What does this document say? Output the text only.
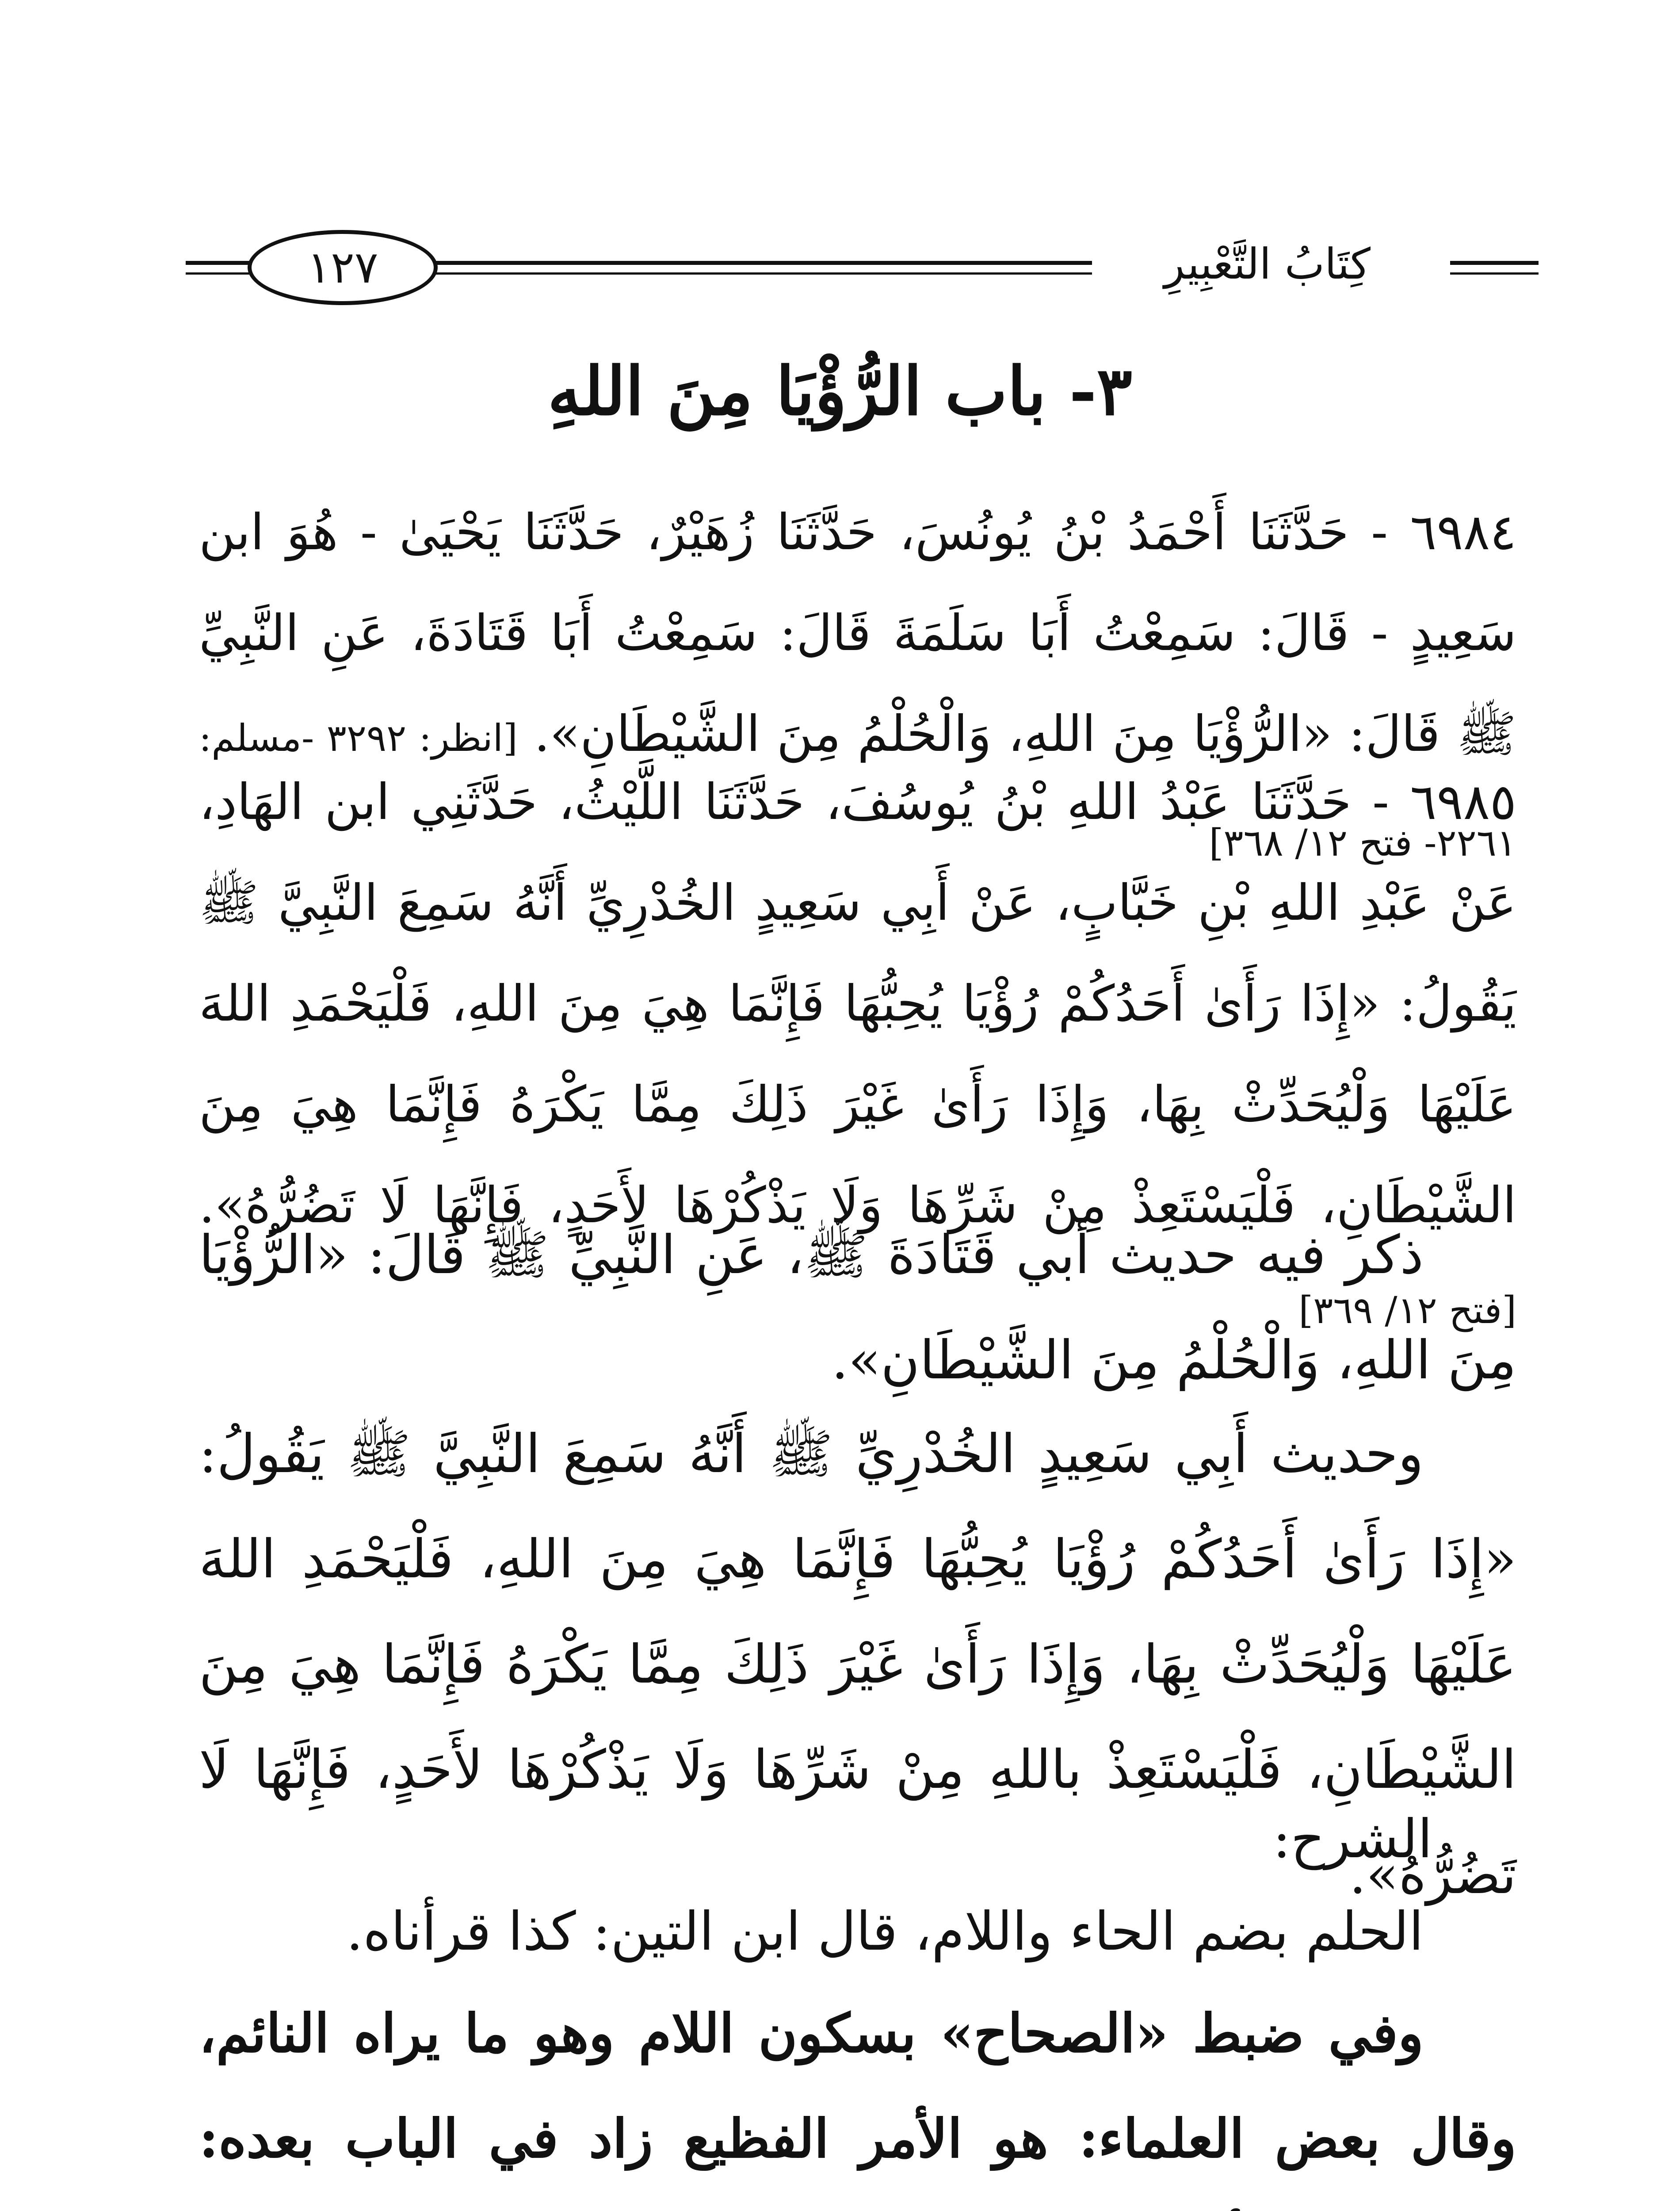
كِتَابُ التَّعْبِيرِ
١٢٧
٣- باب الرُّؤْيَا مِنَ اللهِ
٦٩٨٤ - حَدَّثَنَا أَحْمَدُ بْنُ يُونُسَ، حَدَّثَنَا زُهَيْرٌ، حَدَّثَنَا يَحْيَىٰ - هُوَ ابن سَعِيدٍ - قَالَ: سَمِعْتُ أَبَا سَلَمَةَ قَالَ: سَمِعْتُ أَبَا قَتَادَةَ، عَنِ النَّبِيِّ ﷺ قَالَ: «الرُّؤْيَا مِنَ اللهِ، وَالْحُلْمُ مِنَ الشَّيْطَانِ». [انظر: ٣٢٩٢ -مسلم: ٢٢٦١- فتح ١٢/ ٣٦٨]
٦٩٨٥ - حَدَّثَنَا عَبْدُ اللهِ بْنُ يُوسُفَ، حَدَّثَنَا اللَّيْثُ، حَدَّثَنِي ابن الهَادِ، عَنْ عَبْدِ اللهِ بْنِ خَبَّابٍ، عَنْ أَبِي سَعِيدٍ الخُدْرِيِّ أَنَّهُ سَمِعَ النَّبِيَّ ﷺ يَقُولُ: «إِذَا رَأَىٰ أَحَدُكُمْ رُؤْيَا يُحِبُّهَا فَإِنَّمَا هِيَ مِنَ اللهِ، فَلْيَحْمَدِ اللهَ عَلَيْهَا وَلْيُحَدِّثْ بِهَا، وَإِذَا رَأَىٰ غَيْرَ ذَلِكَ مِمَّا يَكْرَهُ فَإِنَّمَا هِيَ مِنَ الشَّيْطَانِ، فَلْيَسْتَعِذْ مِنْ شَرِّهَا وَلَا يَذْكُرْهَا لأَحَدٍ، فَإِنَّهَا لَا تَضُرُّهُ». [فتح ١٢/ ٣٦٩]
ذكر فيه حديث أبي قَتَادَةَ ﷺ، عَنِ النَّبِيِّ ﷺ قَالَ: «الرُّؤْيَا مِنَ اللهِ، وَالْحُلْمُ مِنَ الشَّيْطَانِ».
وحديث أَبِي سَعِيدٍ الخُدْرِيِّ ﷺ أَنَّهُ سَمِعَ النَّبِيَّ ﷺ يَقُولُ: «إِذَا رَأَىٰ أَحَدُكُمْ رُؤْيَا يُحِبُّهَا فَإِنَّمَا هِيَ مِنَ اللهِ، فَلْيَحْمَدِ اللهَ عَلَيْهَا وَلْيُحَدِّثْ بِهَا، وَإِذَا رَأَىٰ غَيْرَ ذَلِكَ مِمَّا يَكْرَهُ فَإِنَّمَا هِيَ مِنَ الشَّيْطَانِ، فَلْيَسْتَعِذْ باللهِ مِنْ شَرِّهَا وَلَا يَذْكُرْهَا لأَحَدٍ، فَإِنَّهَا لَا تَضُرُّهُ».
الشرح:
الحلم بضم الحاء واللام، قال ابن التين: كذا قرأناه.
وفي ضبط «الصحاح» بسكون اللام وهو ما يراه النائم، وقال بعض العلماء: هو الأمر الفظيع زاد في الباب بعده:
